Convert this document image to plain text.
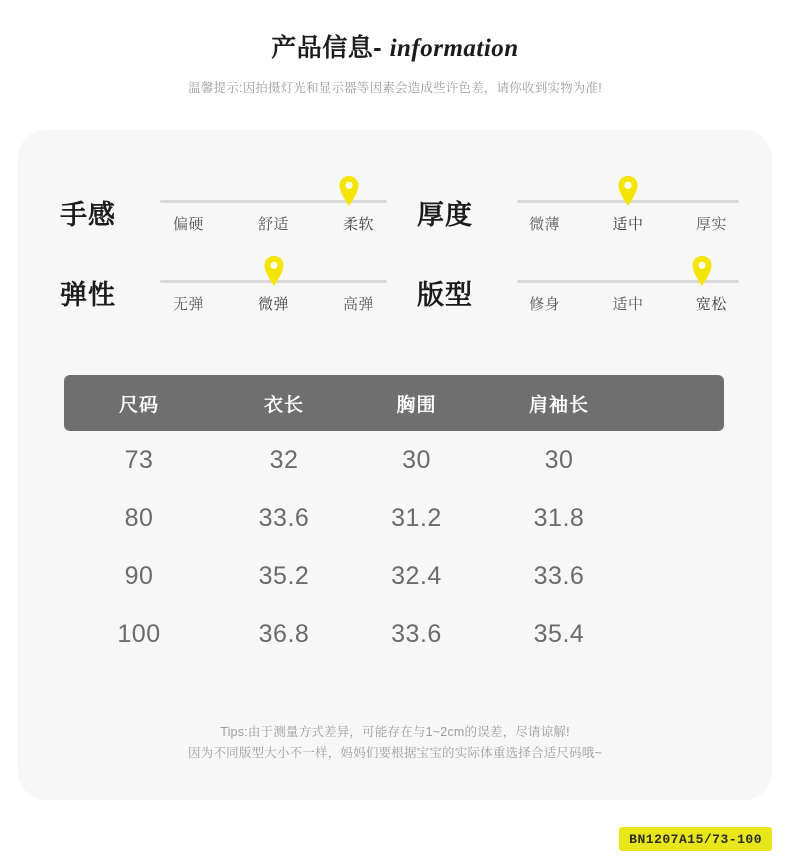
产品信息- information
温馨提示:因拍摄灯光和显示器等因素会造成些许色差，请你收到实物为准!
手感	偏硬	舒适	柔软	厚度	微薄	适中	厚实
弹性	无弹	微弹	高弹	版型	修身	适中	宽松
尺码	衣长	胸围	肩袖长
73	32	30	30
80	33.6	31.2	31.8
90	35.2	32.4	33.6
100	36.8	33.6	35.4
Tips:由于测量方式差异，可能存在与1~2cm的误差，尽请谅解!
因为不同版型大小不一样，妈妈们要根据宝宝的实际体重选择合适尺码哦~
BN1207A15/73-100
